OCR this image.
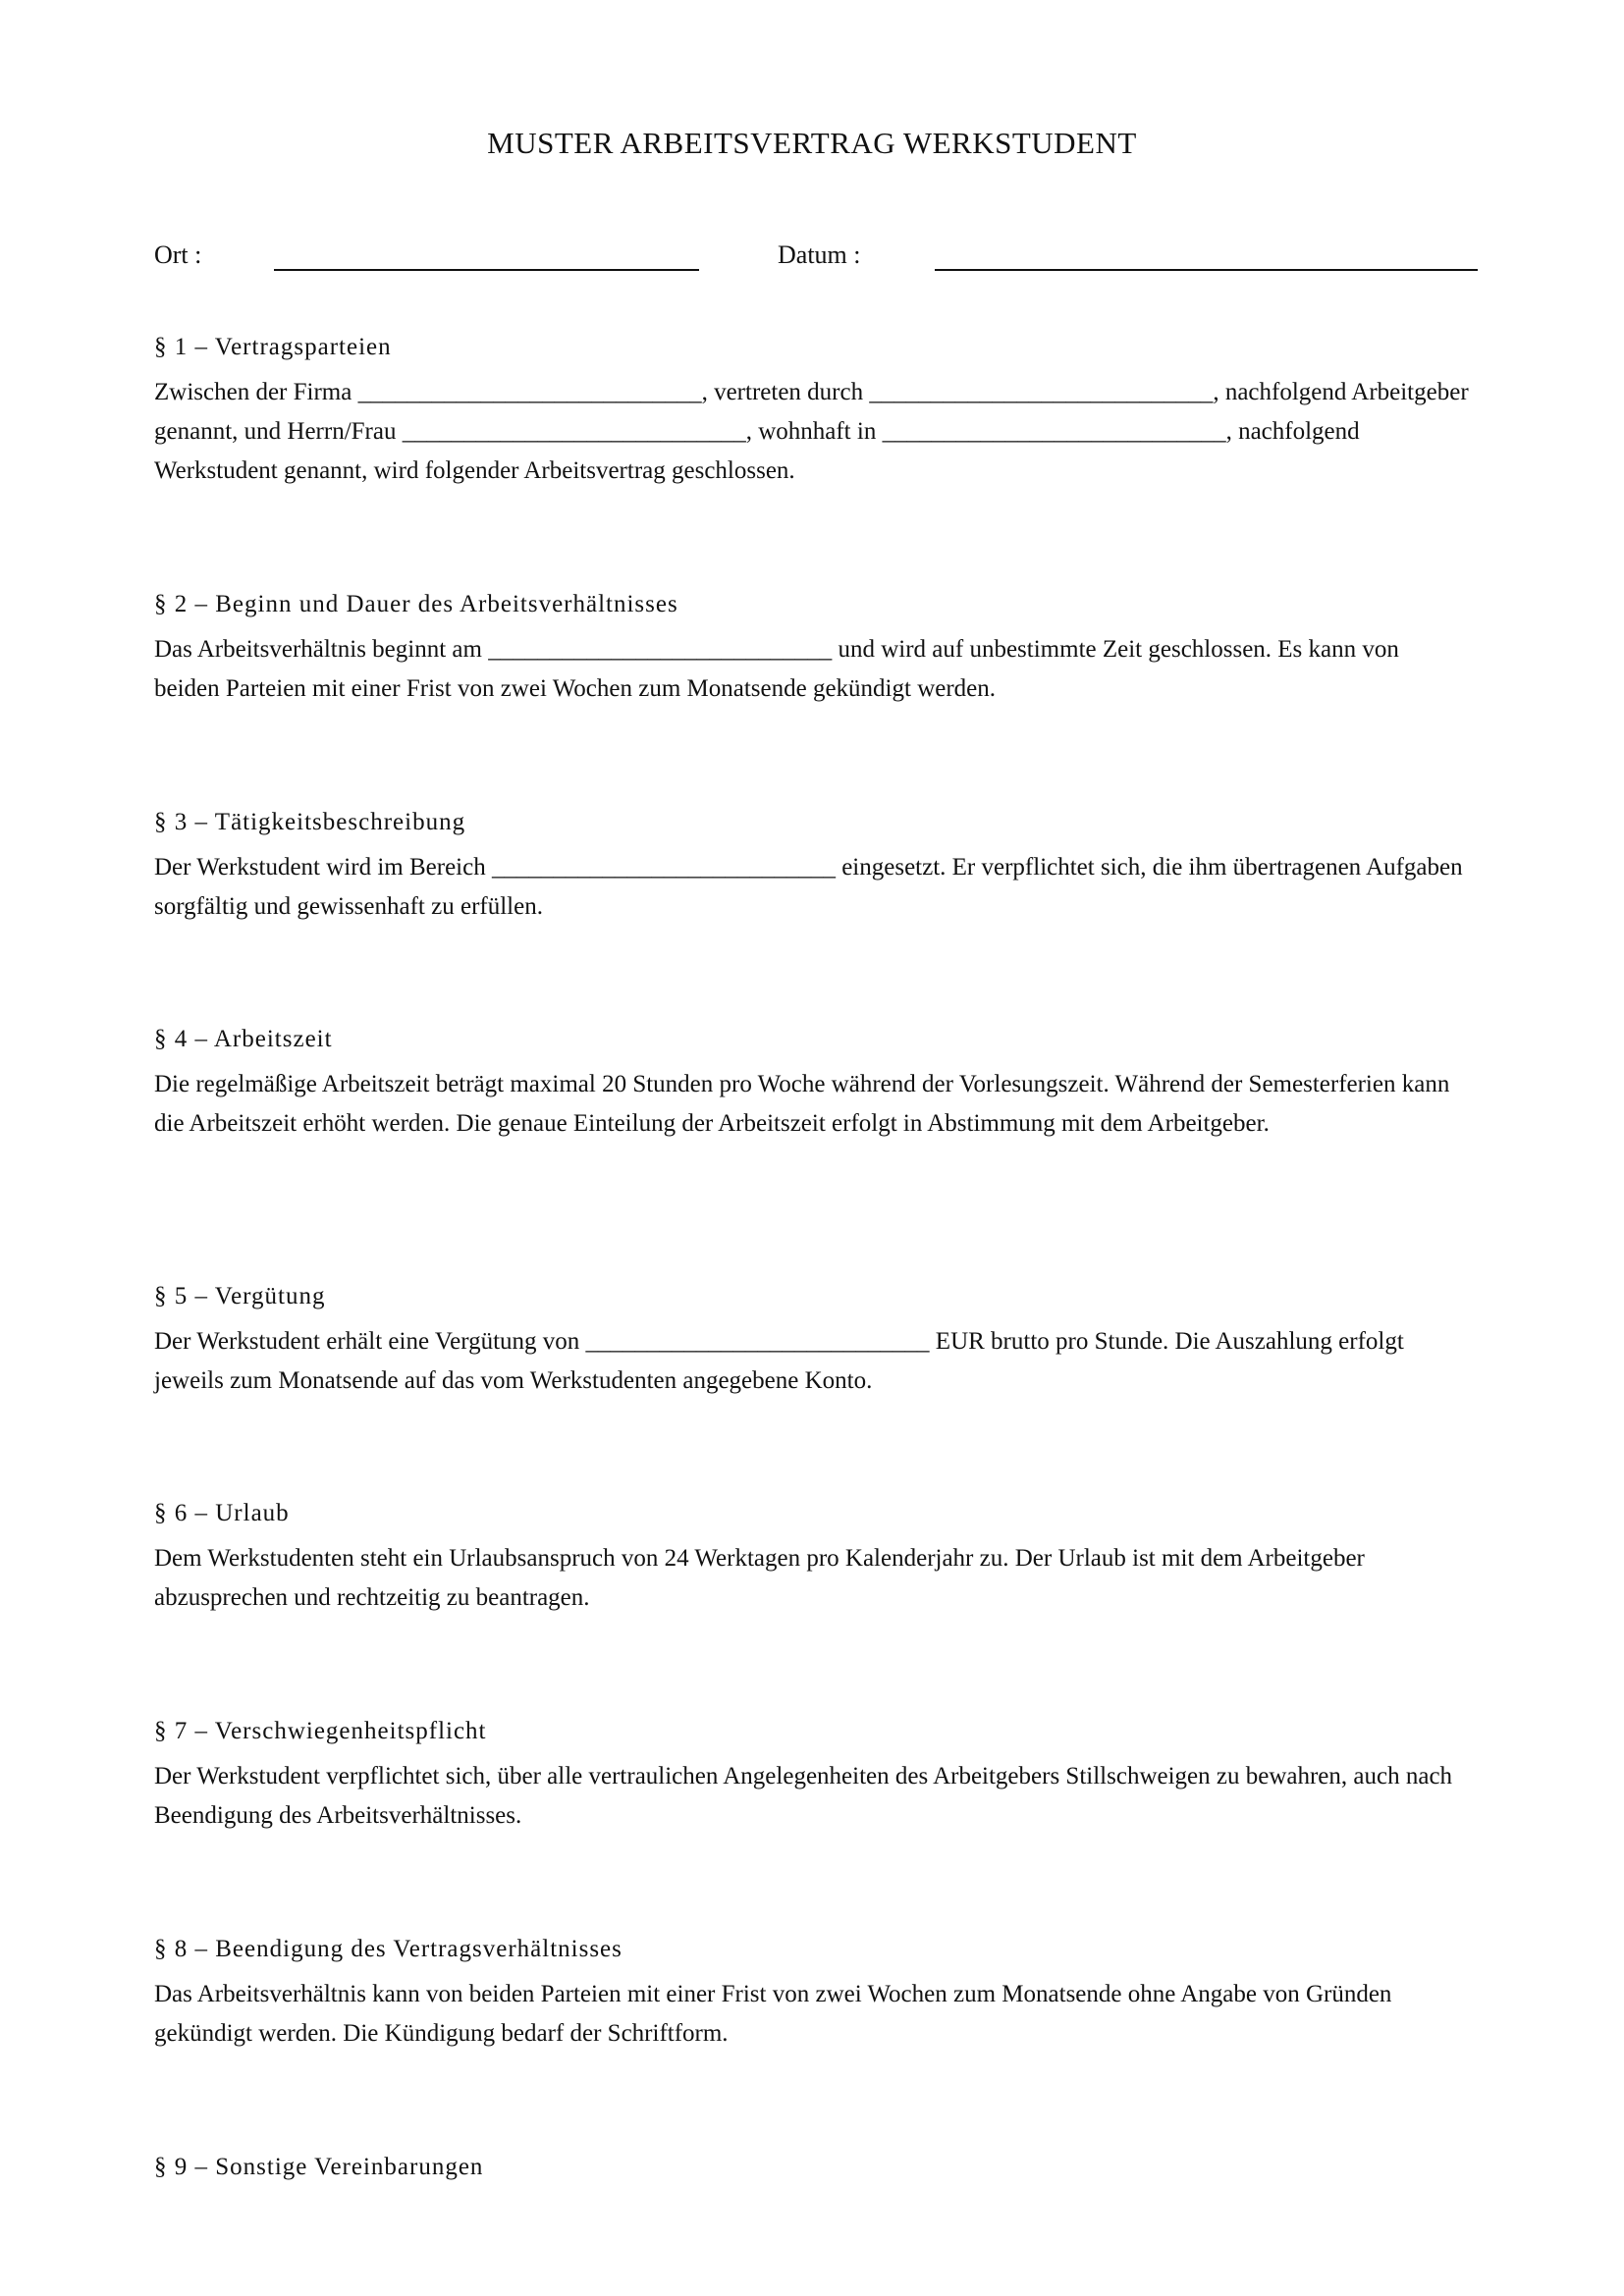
MUSTER ARBEITSVERTRAG WERKSTUDENT
Ort :	Datum :
§ 1 – Vertragsparteien

Zwischen der Firma ____________________________, vertreten durch ____________________________, nachfolgend Arbeitgeber genannt, und Herrn/Frau ____________________________, wohnhaft in ____________________________, nachfolgend Werkstudent genannt, wird folgender Arbeitsvertrag geschlossen.

§ 2 – Beginn und Dauer des Arbeitsverhältnisses

Das Arbeitsverhältnis beginnt am ____________________________ und wird auf unbestimmte Zeit geschlossen. Es kann von beiden Parteien mit einer Frist von zwei Wochen zum Monatsende gekündigt werden.

§ 3 – Tätigkeitsbeschreibung

Der Werkstudent wird im Bereich ____________________________ eingesetzt. Er verpflichtet sich, die ihm übertragenen Aufgaben sorgfältig und gewissenhaft zu erfüllen.

§ 4 – Arbeitszeit

Die regelmäßige Arbeitszeit beträgt maximal 20 Stunden pro Woche während der Vorlesungszeit. Während der Semesterferien kann die Arbeitszeit erhöht werden. Die genaue Einteilung der Arbeitszeit erfolgt in Abstimmung mit dem Arbeitgeber.

§ 5 – Vergütung

Der Werkstudent erhält eine Vergütung von ____________________________ EUR brutto pro Stunde. Die Auszahlung erfolgt jeweils zum Monatsende auf das vom Werkstudenten angegebene Konto.

§ 6 – Urlaub

Dem Werkstudenten steht ein Urlaubsanspruch von 24 Werktagen pro Kalenderjahr zu. Der Urlaub ist mit dem Arbeitgeber abzusprechen und rechtzeitig zu beantragen.

§ 7 – Verschwiegenheitspflicht

Der Werkstudent verpflichtet sich, über alle vertraulichen Angelegenheiten des Arbeitgebers Stillschweigen zu bewahren, auch nach Beendigung des Arbeitsverhältnisses.

§ 8 – Beendigung des Vertragsverhältnisses

Das Arbeitsverhältnis kann von beiden Parteien mit einer Frist von zwei Wochen zum Monatsende ohne Angabe von Gründen gekündigt werden. Die Kündigung bedarf der Schriftform.

§ 9 – Sonstige Vereinbarungen
